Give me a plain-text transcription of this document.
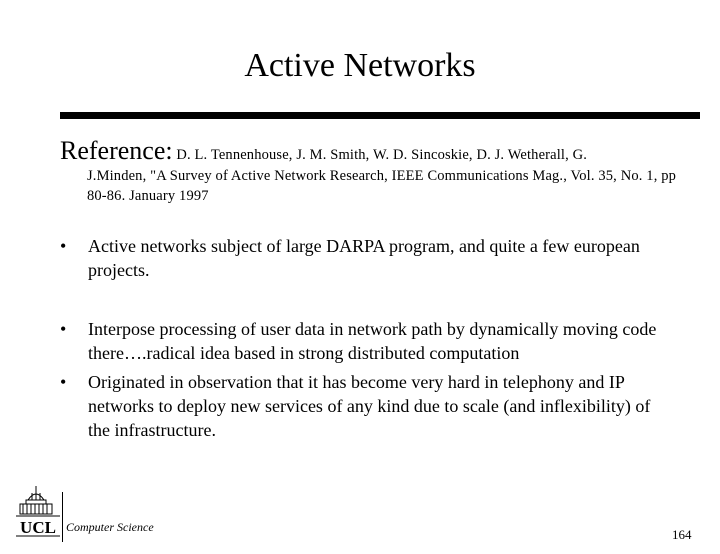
Active Networks
Reference: D. L. Tennenhouse, J. M. Smith, W. D. Sincoskie, D. J. Wetherall, G.
J.Minden, "A Survey of Active Network Research, IEEE Communications Mag., Vol. 35, No. 1, pp 80-86. January 1997
• Active networks subject of large DARPA program, and quite a few european projects.
• Interpose processing of user data in network path by dynamically moving code there….radical idea based in strong distributed computation
• Originated in observation that it has become very hard in telephony and IP networks to deploy new services of any kind due to scale (and inflexibility) of the infrastructure.
UCL Computer Science	164
